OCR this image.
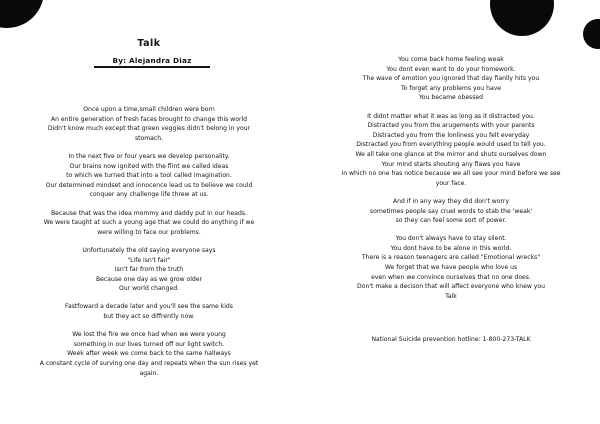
Talk
By: Alejandra Diaz
Once upon a time,small children were born
An entire generation of fresh faces brought to change this world
Didn't know much except that green veggies didn't belong in your
stomach.
In the next five or four years we develop personality.
Our brains now ignited with the flint we called ideas
to which we turned that into a tool called imagination.
Our determined mindset and innocence lead us to believe we could
conquer any challenge life threw at us.
Because that was the idea mommy and daddy put in our heads.
We were taught at such a young age that we could do anything if we
were willing to face our problems.
Unfortunately the old saying everyone says
"Life isn't fair"
Isn't far from the truth
Because one day as we grow older
Our world changed.
Fastfoward a decade later and you'll see the same kids
but they act so diffrently now.
We lost the fire we once had when we were young
something in our lives turned off our light switch.
Week after week we come back to the same hallways
A constant cycle of surving one day and repeats when the sun rises yet
again.
You come back home feeling weak
You dont even want to do your homework.
The wave of emotion you ignored that day fianlly hits you
To forget any problems you have
You became obessed
It didnt matter what it was as long as it distracted you.
Distracted you from the arugements with your parents
Distracted you from the lonliness you felt everyday
Distracted you from everything people would used to tell you.
We all take one glance at the mirror and shuts ourselves down
Your mind starts shouting any flaws you have
in which no one has notice because we all see your mind before we see
your face.
And if in any way they did don't worry
sometimes people say cruel words to stab the 'weak'
so they can feel some sort of power.
You don't always have to stay silent.
You dont have to be alone in this world.
There is a reason teenagers are called "Emotional wrecks"
We forget that we have people who love us
even when we convince ourselves that no one does.
Don't make a decison that will affect everyone who knew you
Talk
National Suicide prevention hotline: 1-800-273-TALK
